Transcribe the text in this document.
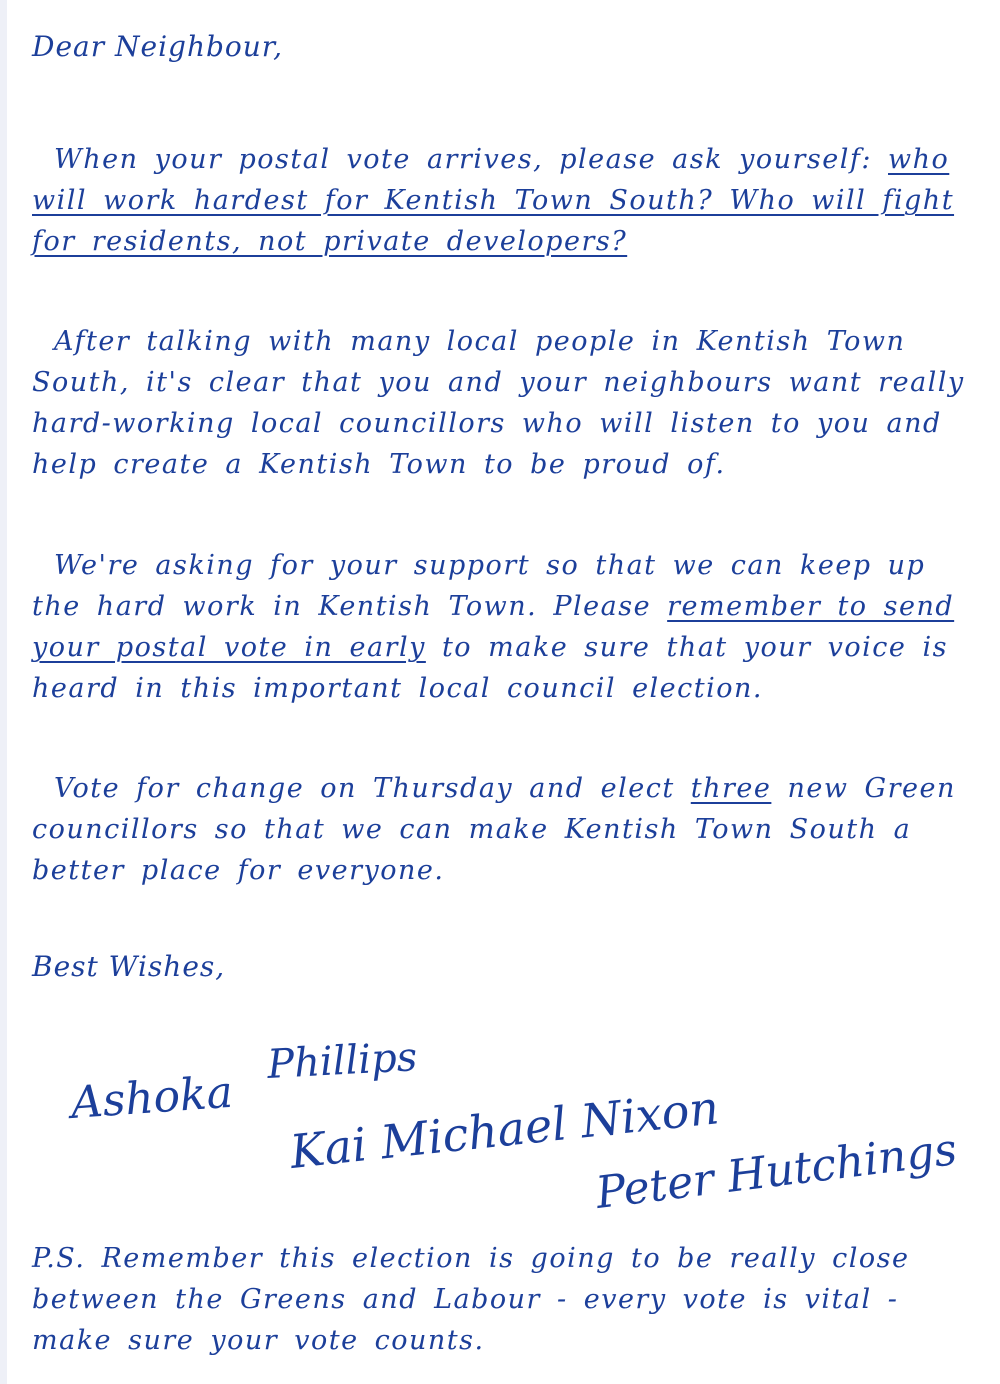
Dear Neighbour,

When your postal vote arrives, please ask yourself: who will work hardest for Kentish Town South? Who will fight for residents, not private developers?

After talking with many local people in Kentish Town South, it's clear that you and your neighbours want really hard-working local councillors who will listen to you and help create a Kentish Town to be proud of.

We're asking for your support so that we can keep up the hard work in Kentish Town. Please remember to send your postal vote in early to make sure that your voice is heard in this important local council election.

Vote for change on Thursday and elect three new Green councillors so that we can make Kentish Town South a better place for everyone.

Best Wishes,

P.S. Remember this election is going to be really close between the Greens and Labour - every vote is vital - make sure your vote counts.

Ashoka
Phillips
Kai Michael Nixon
Peter Hutchings
